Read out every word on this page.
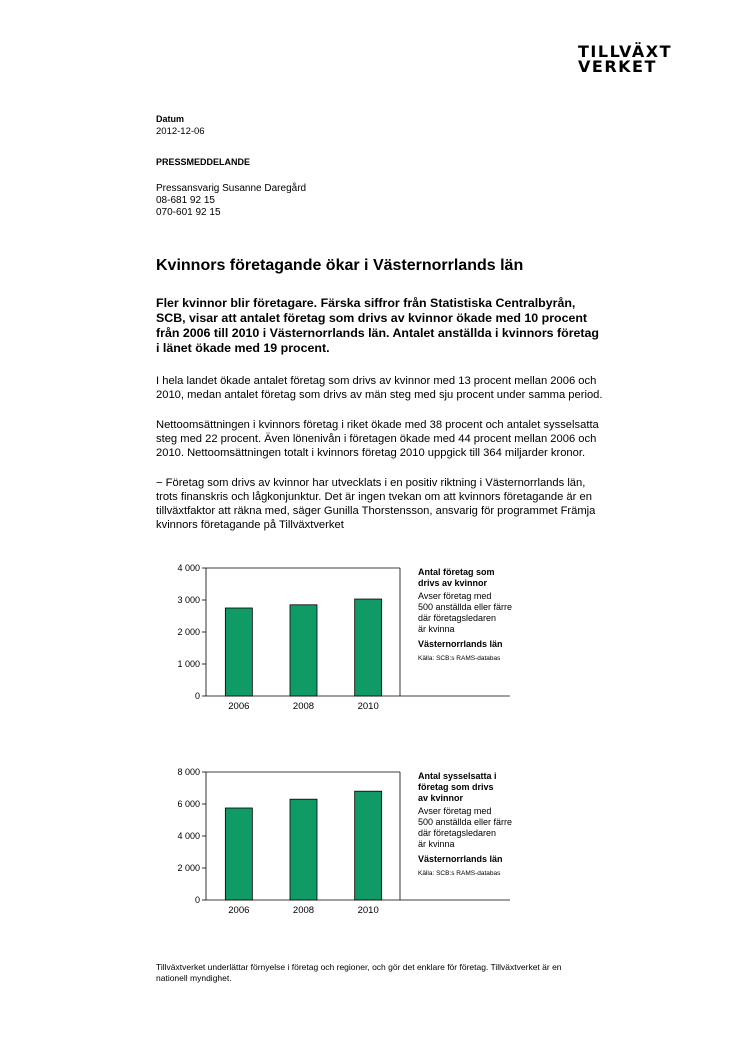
TILLVÄXT
VERKET
Datum
2012-12-06
PRESSMEDDELANDE
Pressansvarig Susanne Daregård
08-681 92 15
070-601 92 15
Kvinnors företagande ökar i Västernorrlands län

Fler kvinnor blir företagare. Färska siffror från Statistiska Centralbyrån,
SCB, visar att antalet företag som drivs av kvinnor ökade med 10 procent
från 2006 till 2010 i Västernorrlands län. Antalet anställda i kvinnors företag
i länet ökade med 19 procent.

I hela landet ökade antalet företag som drivs av kvinnor med 13 procent mellan 2006 och
2010, medan antalet företag som drivs av män steg med sju procent under samma period.

Nettoomsättningen i kvinnors företag i riket ökade med 38 procent och antalet sysselsatta
steg med 22 procent. Även lönenivån i företagen ökade med 44 procent mellan 2006 och
2010. Nettoomsättningen totalt i kvinnors företag 2010 uppgick till 364 miljarder kronor.

− Företag som drivs av kvinnor har utvecklats i en positiv riktning i Västernorrlands län,
trots finanskris och lågkonjunktur. Det är ingen tvekan om att kvinnors företagande är en
tillväxtfaktor att räkna med, säger Gunilla Thorstensson, ansvarig för programmet Främja
kvinnors företagande på Tillväxtverket

0
1 000
2 000
3 000
4 000
2006	2008	2010
Antal företag som
drivs av kvinnor
Avser företag med
500 anställda eller färre
där företagsledaren
är kvinna
Västernorrlands län
Källa: SCB:s RAMS-databas
0
2 000
4 000
6 000
8 000
2006	2008	2010
Antal sysselsatta i
företag som drivs
av kvinnor
Avser företag med
500 anställda eller färre
där företagsledaren
är kvinna
Västernorrlands län
Källa: SCB:s RAMS-databas
Tillväxtverket underlättar förnyelse i företag och regioner, och gör det enklare för företag. Tillväxtverket är en
nationell myndighet.
